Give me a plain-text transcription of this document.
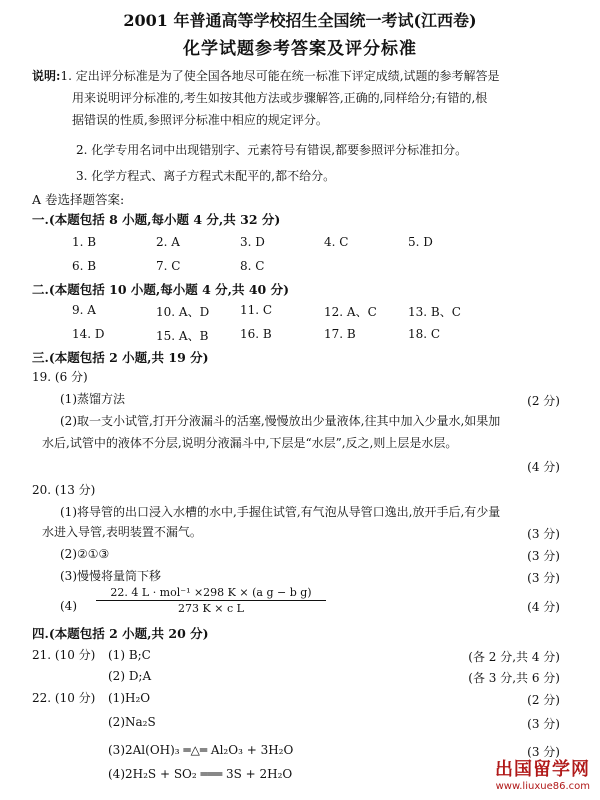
2001 年普通高等学校招生全国统一考试(江西卷)
化学试题参考答案及评分标准
说明:1. 定出评分标准是为了使全国各地尽可能在统一标准下评定成绩,试题的参考解答是
用来说明评分标准的,考生如按其他方法或步骤解答,正确的,同样给分;有错的,根
据错误的性质,参照评分标准中相应的规定评分。
2. 化学专用名词中出现错别字、元素符号有错误,都要参照评分标准扣分。
3. 化学方程式、离子方程式未配平的,都不给分。
A 卷选择题答案:
一.(本题包括 8 小题,每小题 4 分,共 32 分)
1. B	2. A	3. D	4. C	5. D
6. B	7. C	8. C
二.(本题包括 10 小题,每小题 4 分,共 40 分)
9. A	10. A、D	11. C	12. A、C	13. B、C
14. D	15. A、B	16. B	17. B	18. C
三.(本题包括 2 小题,共 19 分)
19. (6 分)
(1)蒸馏方法	(2 分)
(2)取一支小试管,打开分液漏斗的活塞,慢慢放出少量液体,往其中加入少量水,如果加
水后,试管中的液体不分层,说明分液漏斗中,下层是“水层”,反之,则上层是水层。
(4 分)
20. (13 分)
(1)将导管的出口浸入水槽的水中,手握住试管,有气泡从导管口逸出,放开手后,有少量
水进入导管,表明装置不漏气。	(3 分)
(2)②①③	(3 分)
(3)慢慢将量筒下移	(3 分)
(4)
22. 4 L · mol⁻¹ ×298 K × (a g − b g)
273 K × c L	(4 分)
四.(本题包括 2 小题,共 20 分)
21. (10 分) (1) B;C	(各 2 分,共 4 分)
(2) D;A	(各 3 分,共 6 分)
22. (10 分) (1)H₂O	(2 分)
(2)Na₂S	(3 分)
(3)2Al(OH)₃ ═△═ Al₂O₃ + 3H₂O	(3 分)
(4)2H₂S + SO₂ ═══ 3S + 2H₂O	出国留学网
www.liuxue86.com
